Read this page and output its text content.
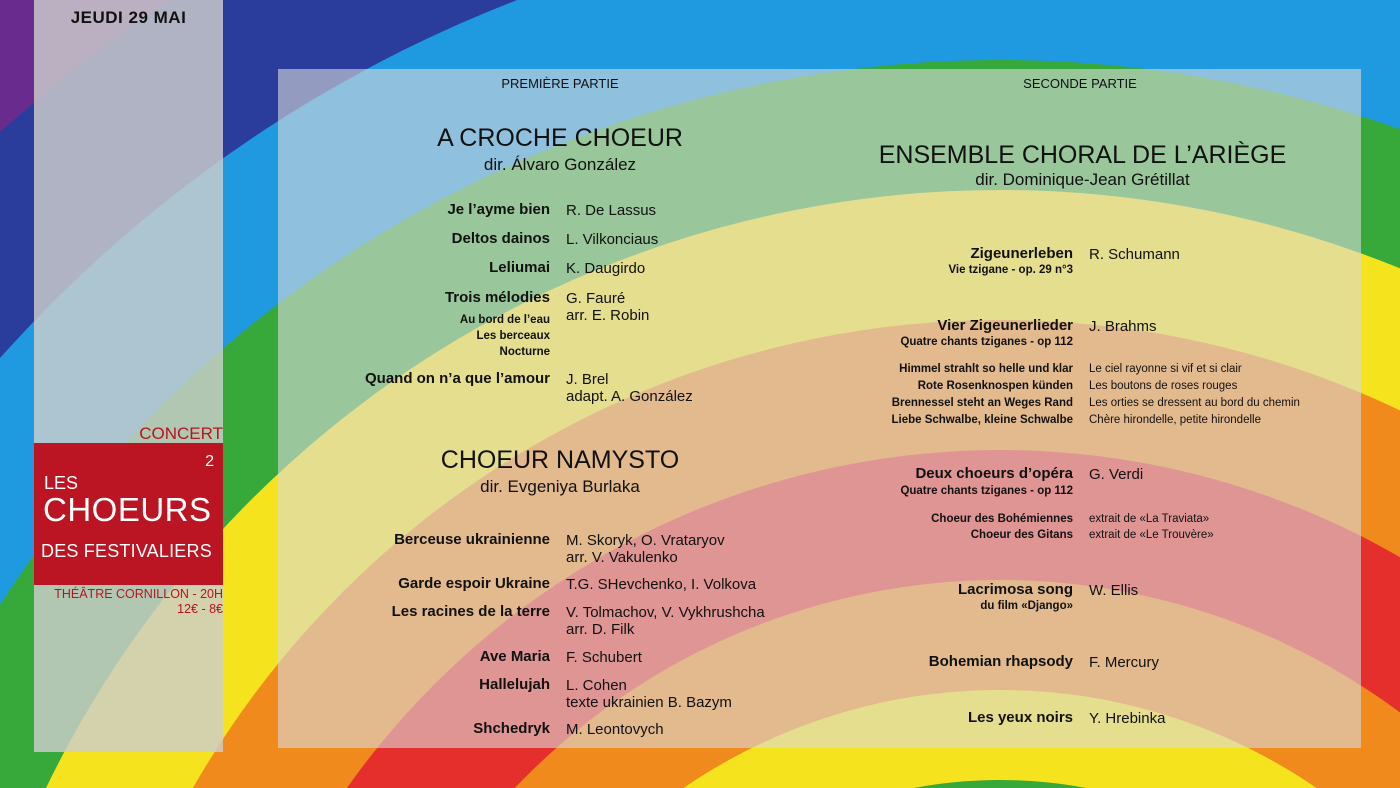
JEUDI 29 MAI
CONCERT
2
LES
CHOEURS
DES FESTIVALIERS
THÉÂTRE CORNILLON - 20H
12€ - 8€
PREMIÈRE PARTIE
A CROCHE CHOEUR
dir. Álvaro González
Je l’ayme bien R. De Lassus
Deltos dainos L. Vilkonciaus
Leliumai K. Daugirdo
Trois mélodies G. Fauré
arr. E. Robin
Au bord de l’eau
Les berceaux
Nocturne
Quand on n’a que l’amour J. Brel
adapt. A. González
CHOEUR NAMYSTO
dir. Evgeniya Burlaka
Berceuse ukrainienne M. Skoryk, O. Vrataryov
arr. V. Vakulenko
Garde espoir Ukraine T.G. SHevchenko, I. Volkova
Les racines de la terre V. Tolmachov, V. Vykhrushcha
arr. D. Filk
Ave Maria F. Schubert
Hallelujah L. Cohen
texte ukrainien B. Bazym
Shchedryk M. Leontovych
SECONDE PARTIE
ENSEMBLE CHORAL DE L’ARIÈGE
dir. Dominique-Jean Grétillat
Zigeunerleben
Vie tzigane - op. 29 n°3
R. Schumann
Vier Zigeunerlieder
Quatre chants tziganes - op 112
J. Brahms
Himmel strahlt so helle und klar Le ciel rayonne si vif et si clair
Rote Rosenknospen künden Les boutons de roses rouges
Brennessel steht an Weges Rand Les orties se dressent au bord du chemin
Liebe Schwalbe, kleine Schwalbe Chère hirondelle, petite hirondelle
Deux choeurs d’opéra
Quatre chants tziganes - op 112
G. Verdi
Choeur des Bohémiennes extrait de «La Traviata»
Choeur des Gitans extrait de «Le Trouvère»
Lacrimosa song
du film «Django»
W. Ellis
Bohemian rhapsody F. Mercury
Les yeux noirs Y. Hrebinka
